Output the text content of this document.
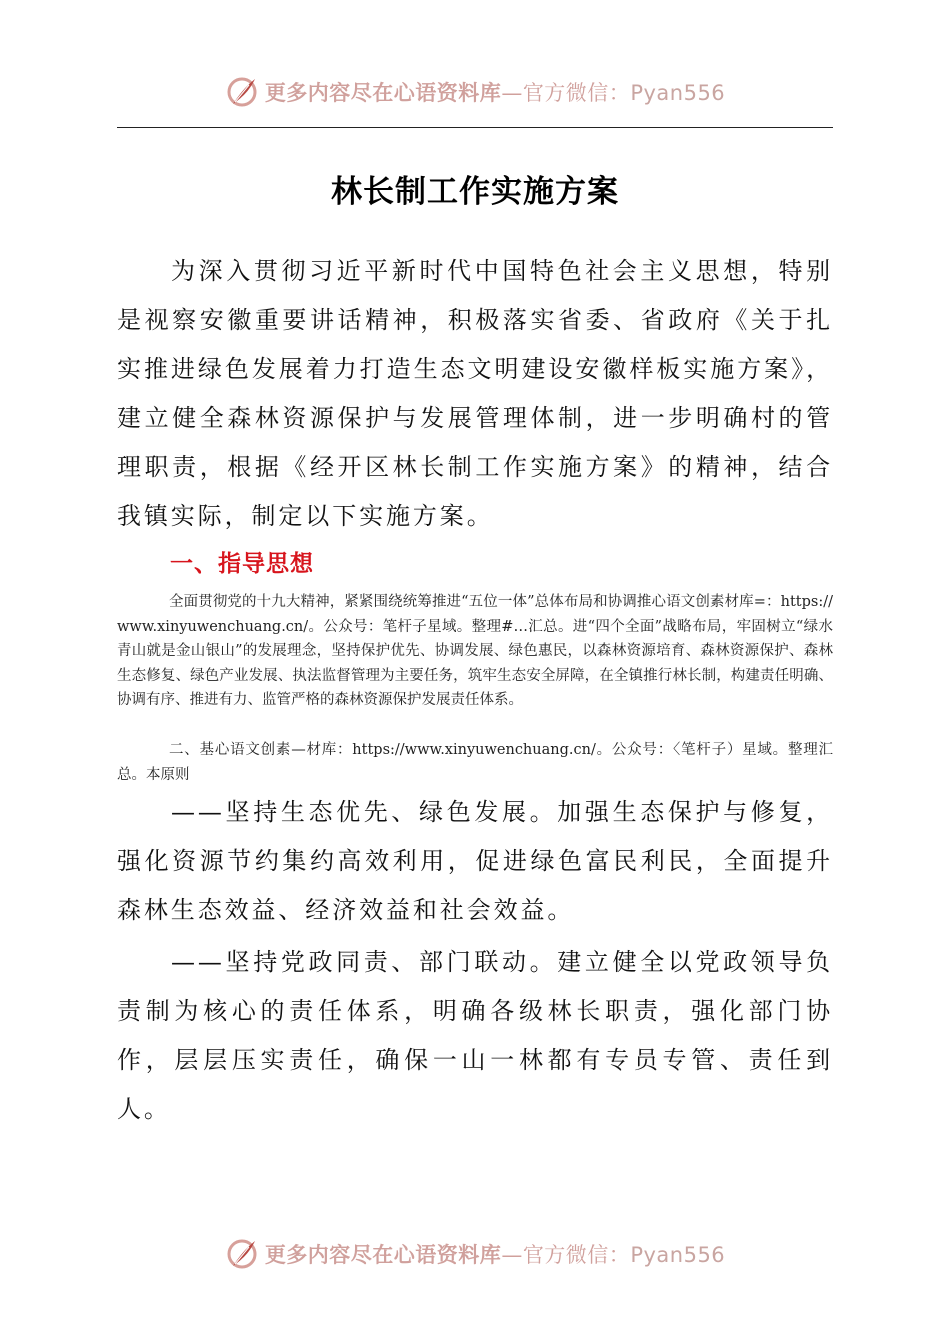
更多内容尽在心语资料库—官方微信：Pyan556
林长制工作实施方案

为深入贯彻习近平新时代中国特色社会主义思想，特别是视察安徽重要讲话精神，积极落实省委、省政府《关于扎实推进绿色发展着力打造生态文明建设安徽样板实施方案》，建立健全森林资源保护与发展管理体制，进一步明确村的管理职责，根据《经开区林长制工作实施方案》的精神，结合我镇实际，制定以下实施方案。

一、指导思想

全面贯彻党的十九大精神，紧紧围绕统筹推进“五位一体”总体布局和协调推心语文创素材库=：https://www.xinyuwenchuang.cn/。公众号：笔杆子星域。整理#…汇总。进“四个全面”战略布局，牢固树立“绿水青山就是金山银山”的发展理念，坚持保护优先、协调发展、绿色惠民，以森林资源培育、森林资源保护、森林生态修复、绿色产业发展、执法监督管理为主要任务，筑牢生态安全屏障，在全镇推行林长制，构建责任明确、协调有序、推进有力、监管严格的森林资源保护发展责任体系。

二、基心语文创素—材库：https://www.xinyuwenchuang.cn/。公众号：〈笔杆子）星域。整理汇总。本原则

——坚持生态优先、绿色发展。加强生态保护与修复，强化资源节约集约高效利用，促进绿色富民利民，全面提升森林生态效益、经济效益和社会效益。

——坚持党政同责、部门联动。建立健全以党政领导负责制为核心的责任体系，明确各级林长职责，强化部门协作，层层压实责任，确保一山一林都有专员专管、责任到人。

更多内容尽在心语资料库—官方微信：Pyan556
